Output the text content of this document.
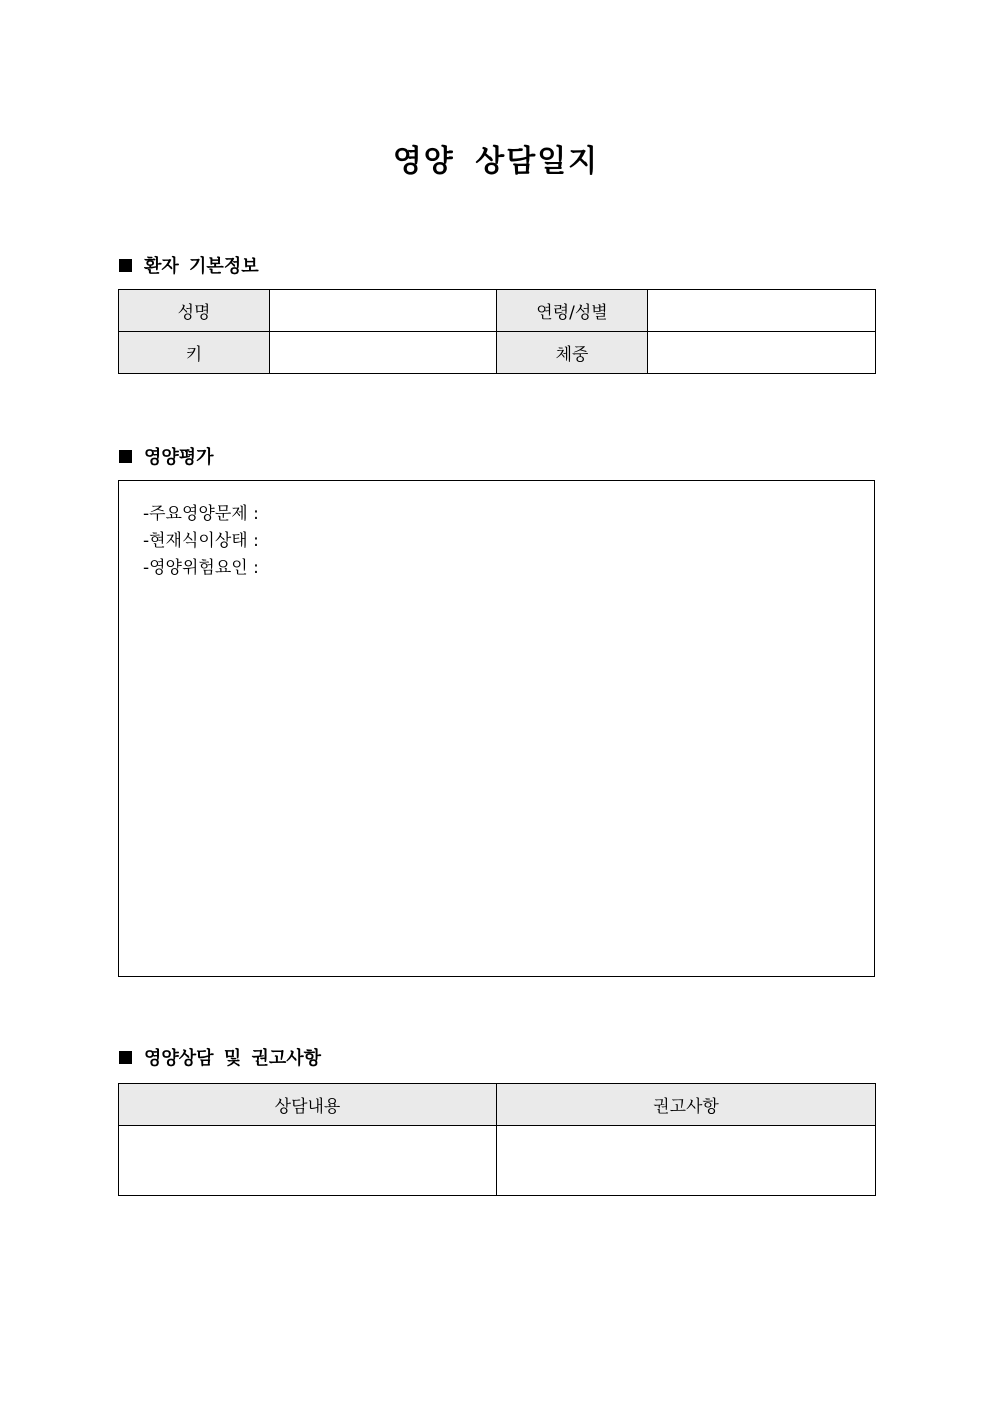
영양 상담일지
환자 기본정보
성명		연령/성별	
키		체중	
영양평가
-주요영양문제 :
-현재식이상태 :
-영양위험요인 :
영양상담 및 권고사항
상담내용	권고사항
